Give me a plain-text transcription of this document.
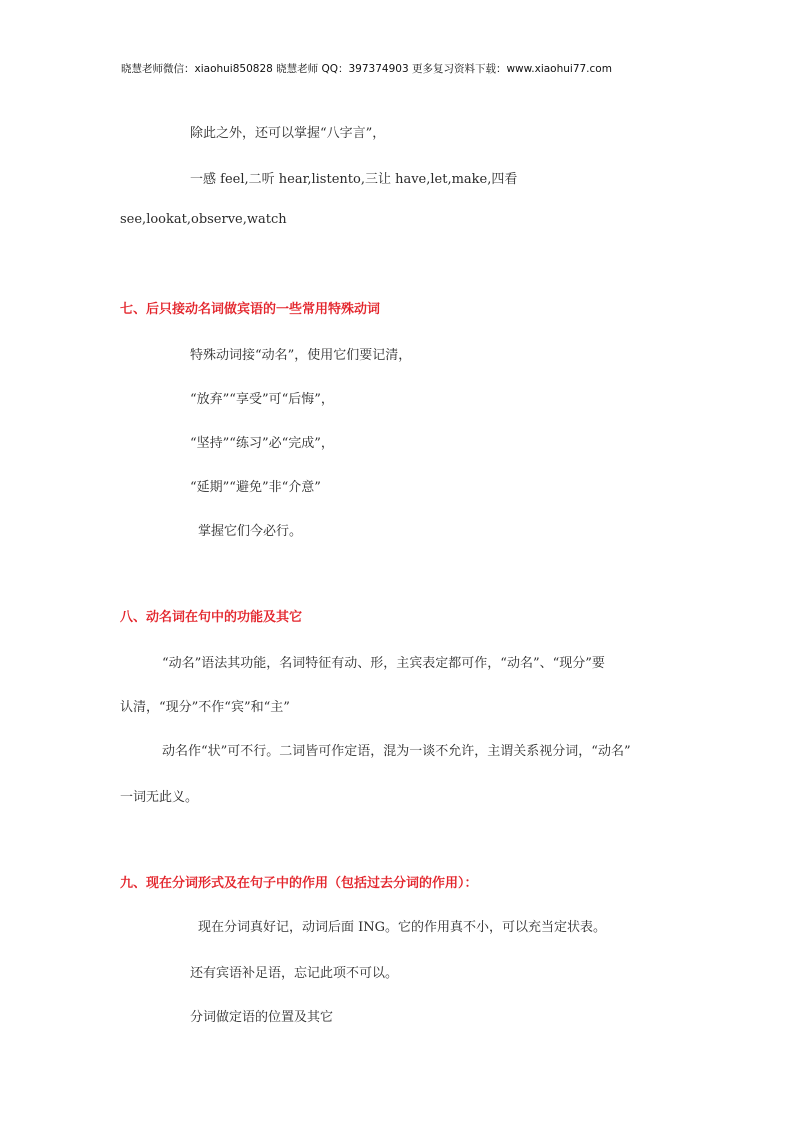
晓慧老师微信：xiaohui850828 晓慧老师 QQ：397374903 更多复习资料下载：www.xiaohui77.com
除此之外，还可以掌握“八字言”，
一感 feel,二听 hear,listento,三让 have,let,make,四看
see,lookat,observe,watch
七、后只接动名词做宾语的一些常用特殊动词
特殊动词接“动名”，使用它们要记清，
“放弃”“享受”可“后悔”，
“坚持”“练习”必“完成”，
“延期”“避免”非“介意”
掌握它们今必行。
八、动名词在句中的功能及其它
“动名”语法其功能，名词特征有动、形，主宾表定都可作，“动名”、“现分”要
认清，“现分”不作“宾”和“主”
动名作“状”可不行。二词皆可作定语，混为一谈不允许，主谓关系视分词，“动名”
一词无此义。
九、现在分词形式及在句子中的作用（包括过去分词的作用）：
现在分词真好记，动词后面 ING。它的作用真不小，可以充当定状表。
还有宾语补足语，忘记此项不可以。
分词做定语的位置及其它
